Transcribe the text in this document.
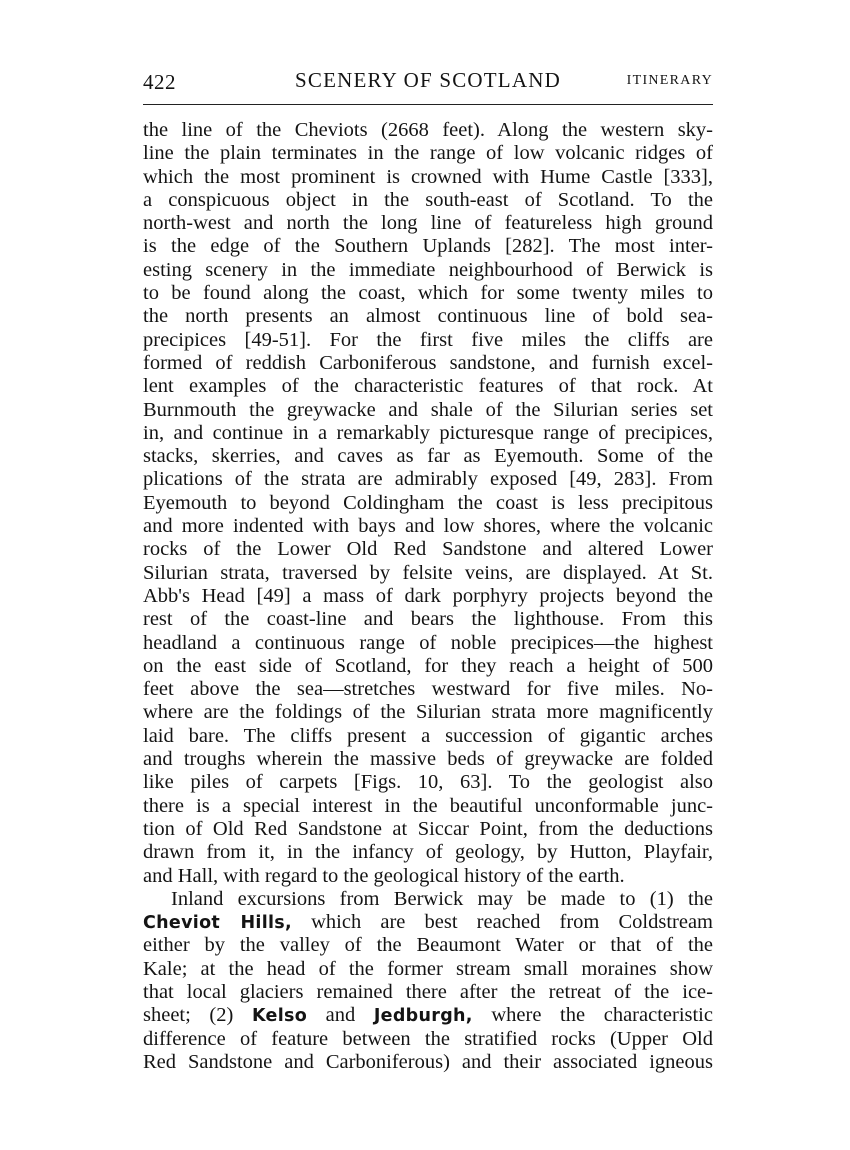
422	SCENERY OF SCOTLAND	ITINERARY
the line of the Cheviots (2668 feet). Along the western sky-
line the plain terminates in the range of low volcanic ridges of
which the most prominent is crowned with Hume Castle [333],
a conspicuous object in the south-east of Scotland. To the
north-west and north the long line of featureless high ground
is the edge of the Southern Uplands [282]. The most inter-
esting scenery in the immediate neighbourhood of Berwick is
to be found along the coast, which for some twenty miles to
the north presents an almost continuous line of bold sea-
precipices [49-51]. For the first five miles the cliffs are
formed of reddish Carboniferous sandstone, and furnish excel-
lent examples of the characteristic features of that rock. At
Burnmouth the greywacke and shale of the Silurian series set
in, and continue in a remarkably picturesque range of precipices,
stacks, skerries, and caves as far as Eyemouth. Some of the
plications of the strata are admirably exposed [49, 283]. From
Eyemouth to beyond Coldingham the coast is less precipitous
and more indented with bays and low shores, where the volcanic
rocks of the Lower Old Red Sandstone and altered Lower
Silurian strata, traversed by felsite veins, are displayed. At St.
Abb's Head [49] a mass of dark porphyry projects beyond the
rest of the coast-line and bears the lighthouse. From this
headland a continuous range of noble precipices—the highest
on the east side of Scotland, for they reach a height of 500
feet above the sea—stretches westward for five miles. No-
where are the foldings of the Silurian strata more magnificently
laid bare. The cliffs present a succession of gigantic arches
and troughs wherein the massive beds of greywacke are folded
like piles of carpets [Figs. 10, 63]. To the geologist also
there is a special interest in the beautiful unconformable junc-
tion of Old Red Sandstone at Siccar Point, from the deductions
drawn from it, in the infancy of geology, by Hutton, Playfair,
and Hall, with regard to the geological history of the earth.
Inland excursions from Berwick may be made to (1) the
Cheviot Hills, which are best reached from Coldstream
either by the valley of the Beaumont Water or that of the
Kale; at the head of the former stream small moraines show
that local glaciers remained there after the retreat of the ice-
sheet; (2) Kelso and Jedburgh, where the characteristic
difference of feature between the stratified rocks (Upper Old
Red Sandstone and Carboniferous) and their associated igneous
